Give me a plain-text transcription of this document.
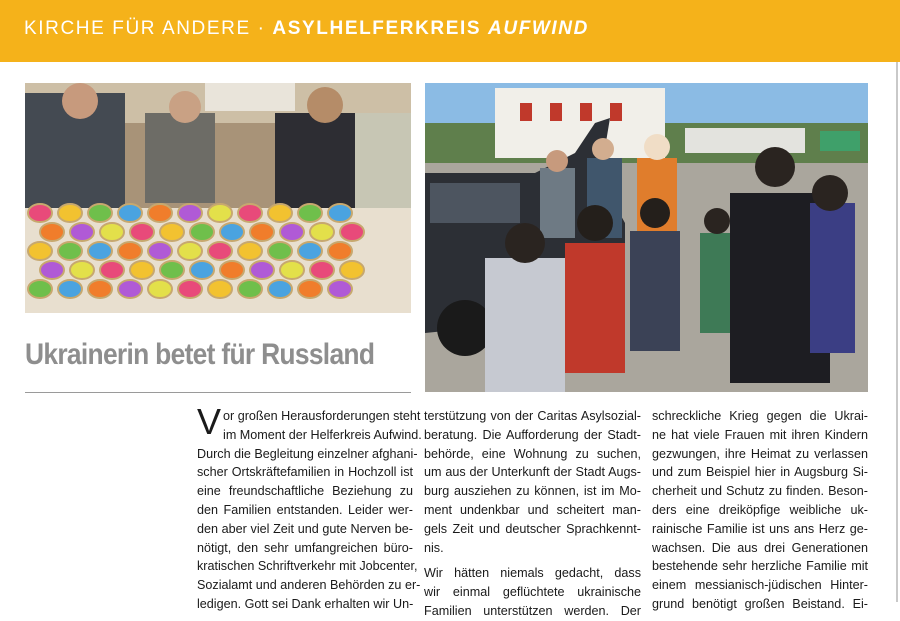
KIRCHE FÜR ANDERE · ASYLHELFERKREIS AUFWIND
Ukrainerin betet für Russland
V or großen Herausforderungen steht
im Moment der Helferkreis Aufwind.
Durch die Begleitung einzelner afghani-
scher Ortskräftefamilien in Hochzoll ist
eine freundschaftliche Beziehung zu
den Familien entstanden. Leider wer-
den aber viel Zeit und gute Nerven be-
nötigt, den sehr umfangreichen büro-
kratischen Schriftverkehr mit Jobcenter,
Sozialamt und anderen Behörden zu er-
ledigen. Gott sei Dank erhalten wir Un-
terstützung von der Caritas Asylsozial-
beratung. Die Aufforderung der Stadt-
behörde, eine Wohnung zu suchen,
um aus der Unterkunft der Stadt Augs-
burg ausziehen zu können, ist im Mo-
ment undenkbar und scheitert man-
gels Zeit und deutscher Sprachkennt-
nis.
Wir hätten niemals gedacht, dass
wir einmal geflüchtete ukrainische
Familien unterstützen werden. Der
schreckliche Krieg gegen die Ukrai-
ne hat viele Frauen mit ihren Kindern
gezwungen, ihre Heimat zu verlassen
und zum Beispiel hier in Augsburg Si-
cherheit und Schutz zu finden. Beson-
ders eine dreiköpfige weibliche uk-
rainische Familie ist uns ans Herz ge-
wachsen. Die aus drei Generationen
bestehende sehr herzliche Familie mit
einem messianisch-jüdischen Hinter-
grund benötigt großen Beistand. Ei-
